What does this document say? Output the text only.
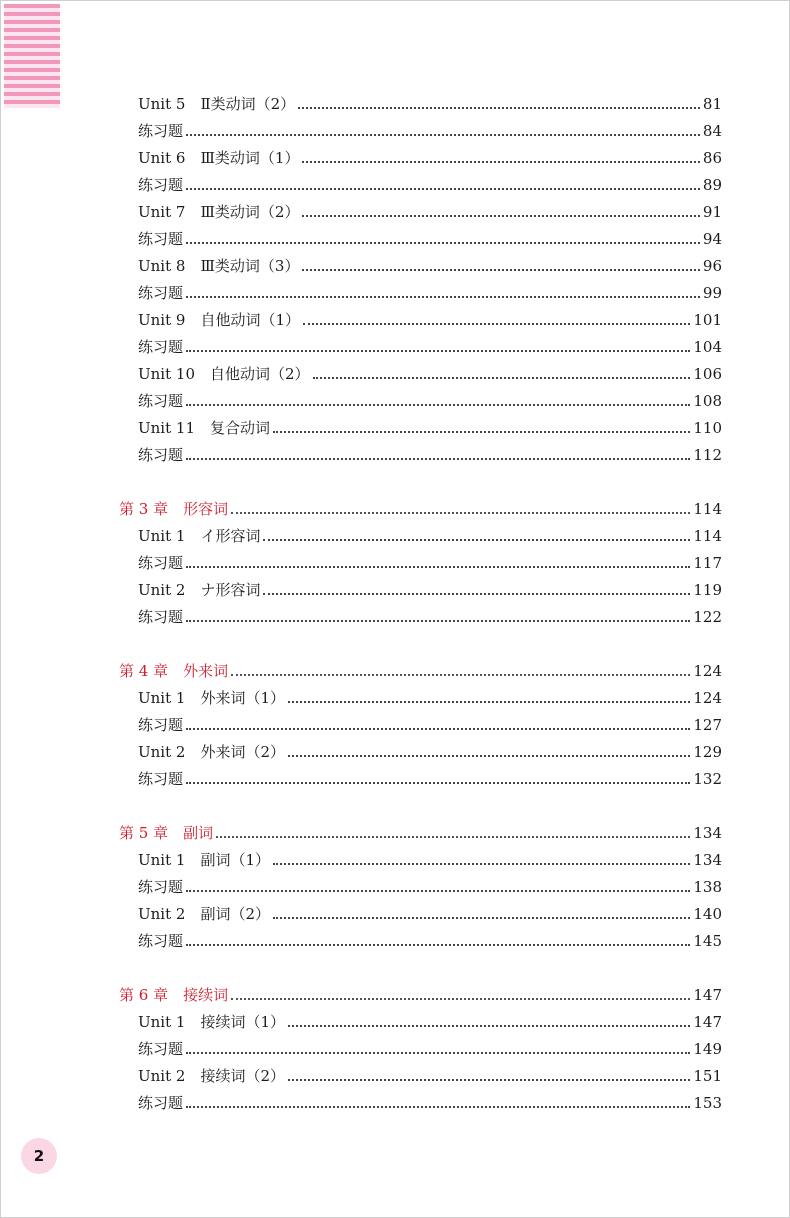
Unit 5　Ⅱ类动词（2）	81
练习题	84
Unit 6　Ⅲ类动词（1）	86
练习题	89
Unit 7　Ⅲ类动词（2）	91
练习题	94
Unit 8　Ⅲ类动词（3）	96
练习题	99
Unit 9　自他动词（1）	101
练习题	104
Unit 10　自他动词（2）	106
练习题	108
Unit 11　复合动词	110
练习题	112
第 3 章　形容词	114
Unit 1　イ形容词	114
练习题	117
Unit 2　ナ形容词	119
练习题	122
第 4 章　外来词	124
Unit 1　外来词（1）	124
练习题	127
Unit 2　外来词（2）	129
练习题	132
第 5 章　副词	134
Unit 1　副词（1）	134
练习题	138
Unit 2　副词（2）	140
练习题	145
第 6 章　接续词	147
Unit 1　接续词（1）	147
练习题	149
Unit 2　接续词（2）	151
练习题	153
2
